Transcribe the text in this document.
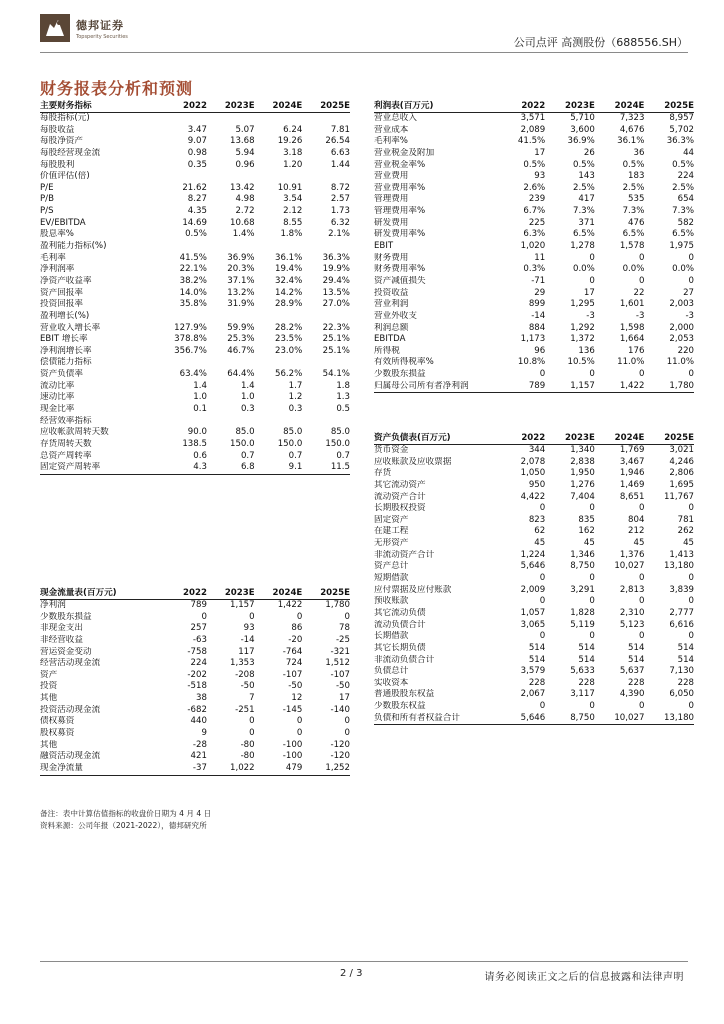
德邦证券
Topsperity Securities	公司点评 高测股份（688556.SH）
财务报表分析和预测
主要财务指标	2022	2023E	2024E	2025E
每股指标(元)
每股收益	3.47	5.07	6.24	7.81
每股净资产	9.07	13.68	19.26	26.54
每股经营现金流	0.98	5.94	3.18	6.63
每股股利	0.35	0.96	1.20	1.44
价值评估(倍)
P/E	21.62	13.42	10.91	8.72
P/B	8.27	4.98	3.54	2.57
P/S	4.35	2.72	2.12	1.73
EV/EBITDA	14.69	10.68	8.55	6.32
股息率%	0.5%	1.4%	1.8%	2.1%
盈利能力指标(%)
毛利率	41.5%	36.9%	36.1%	36.3%
净利润率	22.1%	20.3%	19.4%	19.9%
净资产收益率	38.2%	37.1%	32.4%	29.4%
资产回报率	14.0%	13.2%	14.2%	13.5%
投资回报率	35.8%	31.9%	28.9%	27.0%
盈利增长(%)
营业收入增长率	127.9%	59.9%	28.2%	22.3%
EBIT 增长率	378.8%	25.3%	23.5%	25.1%
净利润增长率	356.7%	46.7%	23.0%	25.1%
偿债能力指标
资产负债率	63.4%	64.4%	56.2%	54.1%
流动比率	1.4	1.4	1.7	1.8
速动比率	1.0	1.0	1.2	1.3
现金比率	0.1	0.3	0.3	0.5
经营效率指标
应收帐款周转天数	90.0	85.0	85.0	85.0
存货周转天数	138.5	150.0	150.0	150.0
总资产周转率	0.6	0.7	0.7	0.7
固定资产周转率	4.3	6.8	9.1	11.5
利润表(百万元)	2022	2023E	2024E	2025E
营业总收入	3,571	5,710	7,323	8,957
营业成本	2,089	3,600	4,676	5,702
毛利率%	41.5%	36.9%	36.1%	36.3%
营业税金及附加	17	26	36	44
营业税金率%	0.5%	0.5%	0.5%	0.5%
营业费用	93	143	183	224
营业费用率%	2.6%	2.5%	2.5%	2.5%
管理费用	239	417	535	654
管理费用率%	6.7%	7.3%	7.3%	7.3%
研发费用	225	371	476	582
研发费用率%	6.3%	6.5%	6.5%	6.5%
EBIT	1,020	1,278	1,578	1,975
财务费用	11	0	0	0
财务费用率%	0.3%	0.0%	0.0%	0.0%
资产减值损失	-71	0	0	0
投资收益	29	17	22	27
营业利润	899	1,295	1,601	2,003
营业外收支	-14	-3	-3	-3
利润总额	884	1,292	1,598	2,000
EBITDA	1,173	1,372	1,664	2,053
所得税	96	136	176	220
有效所得税率%	10.8%	10.5%	11.0%	11.0%
少数股东损益	0	0	0	0
归属母公司所有者净利润	789	1,157	1,422	1,780
资产负债表(百万元)	2022	2023E	2024E	2025E
货币资金	344	1,340	1,769	3,021
应收账款及应收票据	2,078	2,838	3,467	4,246
存货	1,050	1,950	1,946	2,806
其它流动资产	950	1,276	1,469	1,695
流动资产合计	4,422	7,404	8,651	11,767
长期股权投资	0	0	0	0
固定资产	823	835	804	781
在建工程	62	162	212	262
无形资产	45	45	45	45
非流动资产合计	1,224	1,346	1,376	1,413
资产总计	5,646	8,750	10,027	13,180
短期借款	0	0	0	0
应付票据及应付账款	2,009	3,291	2,813	3,839
预收账款	0	0	0	0
其它流动负债	1,057	1,828	2,310	2,777
流动负债合计	3,065	5,119	5,123	6,616
长期借款	0	0	0	0
其它长期负债	514	514	514	514
非流动负债合计	514	514	514	514
负债总计	3,579	5,633	5,637	7,130
实收资本	228	228	228	228
普通股股东权益	2,067	3,117	4,390	6,050
少数股东权益	0	0	0	0
负债和所有者权益合计	5,646	8,750	10,027	13,180
现金流量表(百万元)	2022	2023E	2024E	2025E
净利润	789	1,157	1,422	1,780
少数股东损益	0	0	0	0
非现金支出	257	93	86	78
非经营收益	-63	-14	-20	-25
营运资金变动	-758	117	-764	-321
经营活动现金流	224	1,353	724	1,512
资产	-202	-208	-107	-107
投资	-518	-50	-50	-50
其他	38	7	12	17
投资活动现金流	-682	-251	-145	-140
债权募资	440	0	0	0
股权募资	9	0	0	0
其他	-28	-80	-100	-120
融资活动现金流	421	-80	-100	-120
现金净流量	-37	1,022	479	1,252
备注：表中计算估值指标的收盘价日期为 4 月 4 日
资料来源：公司年报（2021-2022），德邦研究所
2 / 3	请务必阅读正文之后的信息披露和法律声明
